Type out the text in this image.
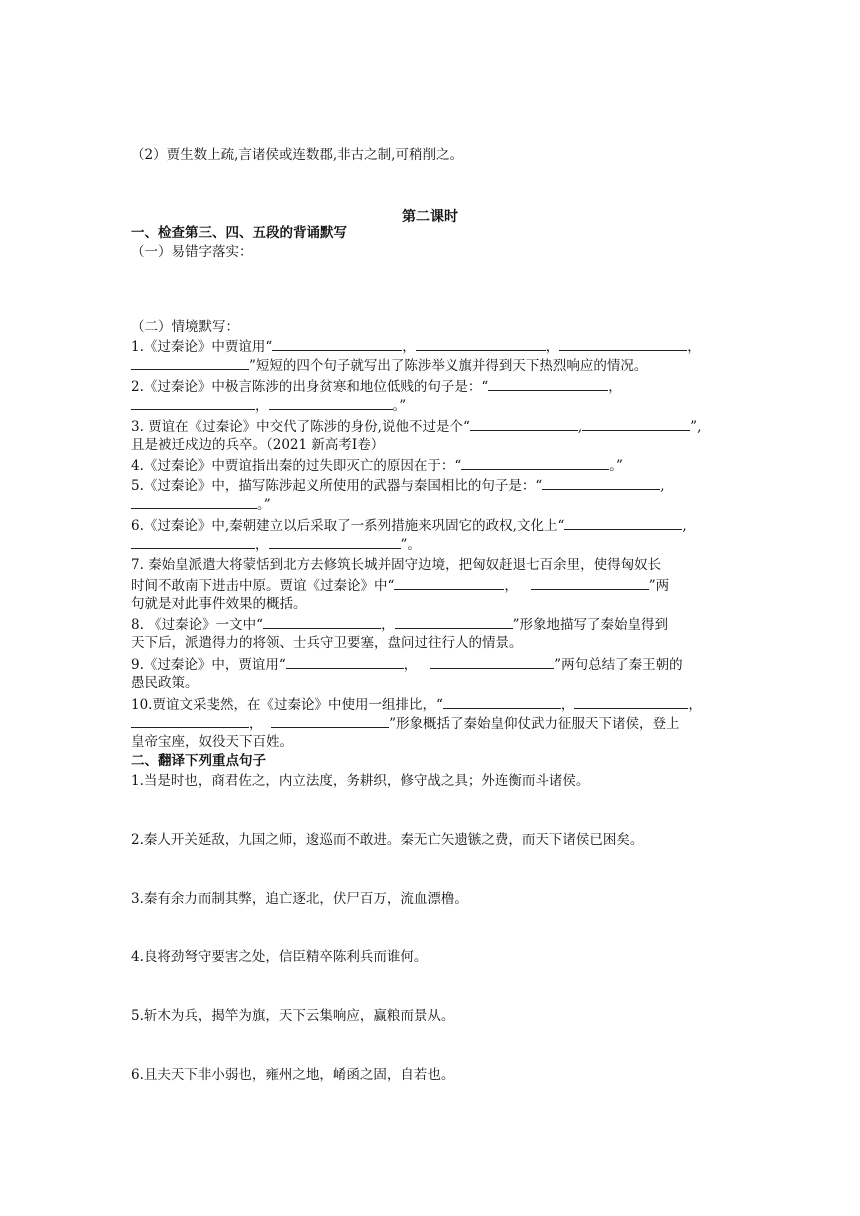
（2）贾生数上疏,言诸侯或连数郡,非古之制,可稍削之。
第二课时
一、检查第三、四、五段的背诵默写
（一）易错字落实：
（二）情境默写：
1.《过秦论》中贾谊用“	，	，	，
”短短的四个句子就写出了陈涉举义旗并得到天下热烈响应的情况。
2.《过秦论》中极言陈涉的出身贫寒和地位低贱的句子是：“	，
，	。”
3. 贾谊在《过秦论》中交代了陈涉的身份,说他不过是个“	,	”,
且是被迁戍边的兵卒。（2021 新高考Ⅰ卷）
4.《过秦论》中贾谊指出秦的过失即灭亡的原因在于：“	。”
5.《过秦论》中，描写陈涉起义所使用的武器与秦国相比的句子是：“	,
。”
6.《过秦论》中,秦朝建立以后采取了一系列措施来巩固它的政权,文化上“	,
，	”。
7. 秦始皇派遣大将蒙恬到北方去修筑长城并固守边境，把匈奴赶退七百余里，使得匈奴长
时间不敢南下进击中原。贾谊《过秦论》中“	，	”两
句就是对此事件效果的概括。
8. 《过秦论》一文中“	，	”形象地描写了秦始皇得到
天下后，派遣得力的将领、士兵守卫要塞，盘问过往行人的情景。
9.《过秦论》中，贾谊用“	，	”两句总结了秦王朝的
愚民政策。
10.贾谊文采斐然，在《过秦论》中使用一组排比，“	，	，
，	”形象概括了秦始皇仰仗武力征服天下诸侯，登上
皇帝宝座，奴役天下百姓。
二、翻译下列重点句子
1.当是时也，商君佐之，内立法度，务耕织，修守战之具；外连衡而斗诸侯。
2.秦人开关延敌，九国之师，逡巡而不敢进。秦无亡矢遗镞之费，而天下诸侯已困矣。
3.秦有余力而制其弊，追亡逐北，伏尸百万，流血漂橹。
4.良将劲弩守要害之处，信臣精卒陈利兵而谁何。
5.斩木为兵，揭竿为旗，天下云集响应，赢粮而景从。
6.且夫天下非小弱也，雍州之地，崤函之固，自若也。
